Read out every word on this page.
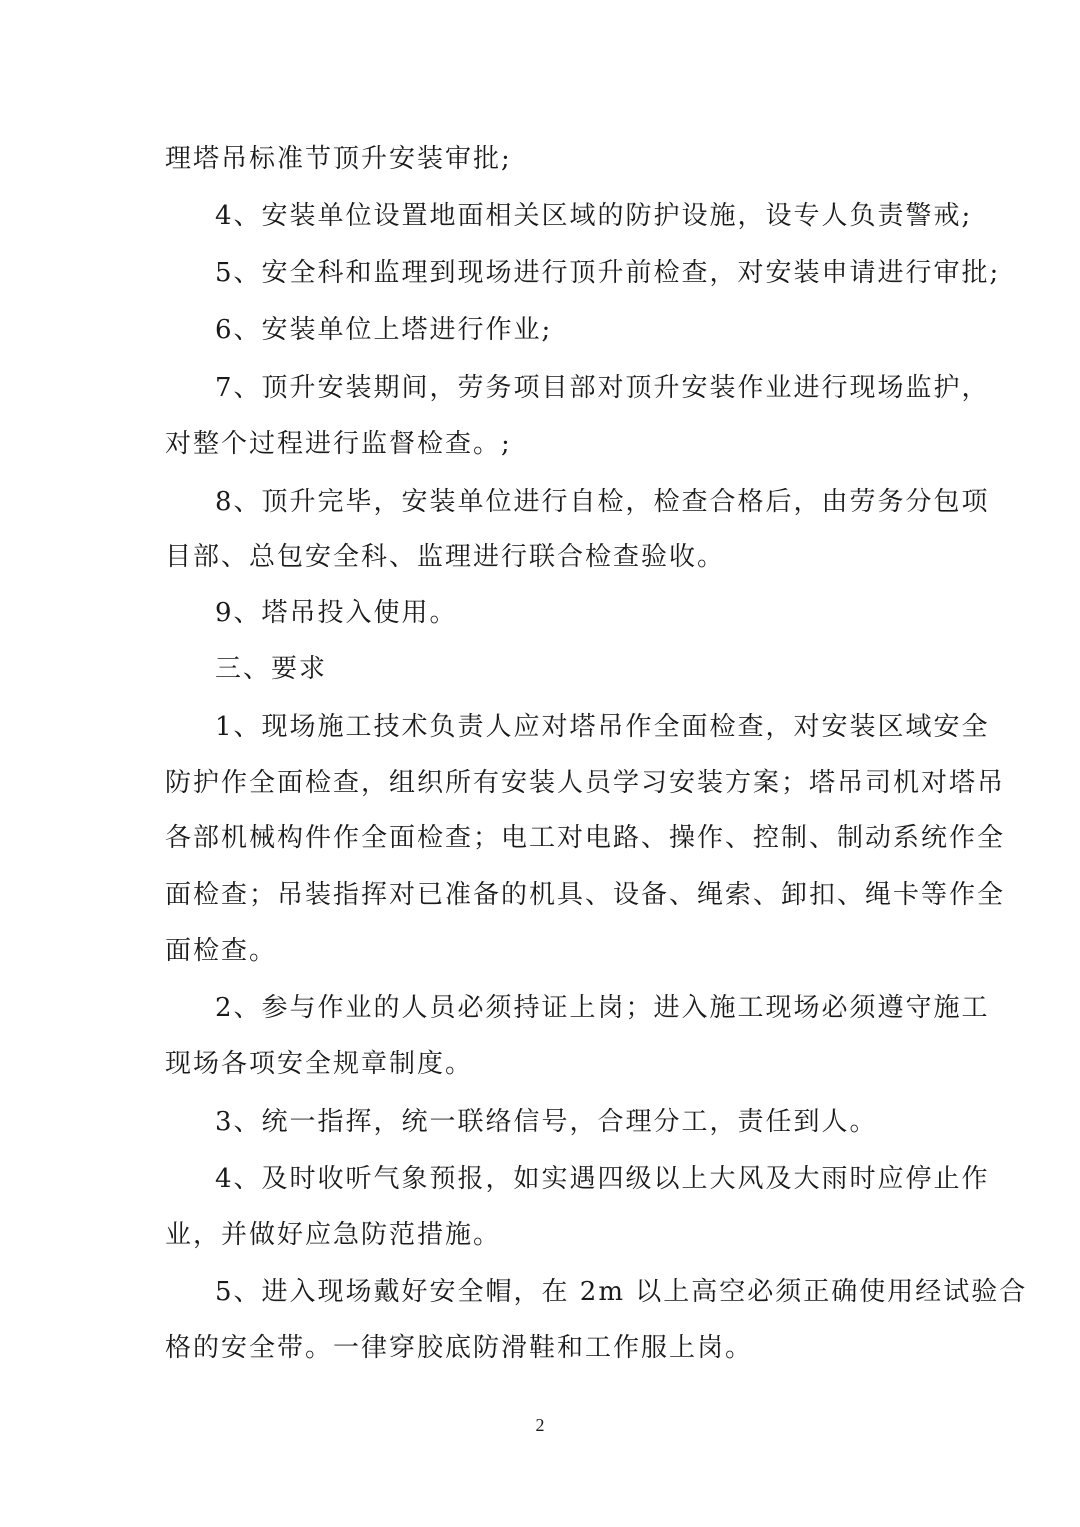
理塔吊标准节顶升安装审批;
4、安装单位设置地面相关区域的防护设施，设专人负责警戒;
5、安全科和监理到现场进行顶升前检查，对安装申请进行审批;
6、安装单位上塔进行作业;
7、顶升安装期间，劳务项目部对顶升安装作业进行现场监护，
对整个过程进行监督检查。;
8、顶升完毕，安装单位进行自检，检查合格后，由劳务分包项
目部、总包安全科、监理进行联合检查验收。
9、塔吊投入使用。
三、要求
1、现场施工技术负责人应对塔吊作全面检查，对安装区域安全
防护作全面检查，组织所有安装人员学习安装方案；塔吊司机对塔吊
各部机械构件作全面检查；电工对电路、操作、控制、制动系统作全
面检查；吊装指挥对已准备的机具、设备、绳索、卸扣、绳卡等作全
面检查。
2、参与作业的人员必须持证上岗；进入施工现场必须遵守施工
现场各项安全规章制度。
3、统一指挥，统一联络信号，合理分工，责任到人。
4、及时收听气象预报，如实遇四级以上大风及大雨时应停止作
业，并做好应急防范措施。
5、进入现场戴好安全帽，在 2m 以上高空必须正确使用经试验合
格的安全带。一律穿胶底防滑鞋和工作服上岗。
2
